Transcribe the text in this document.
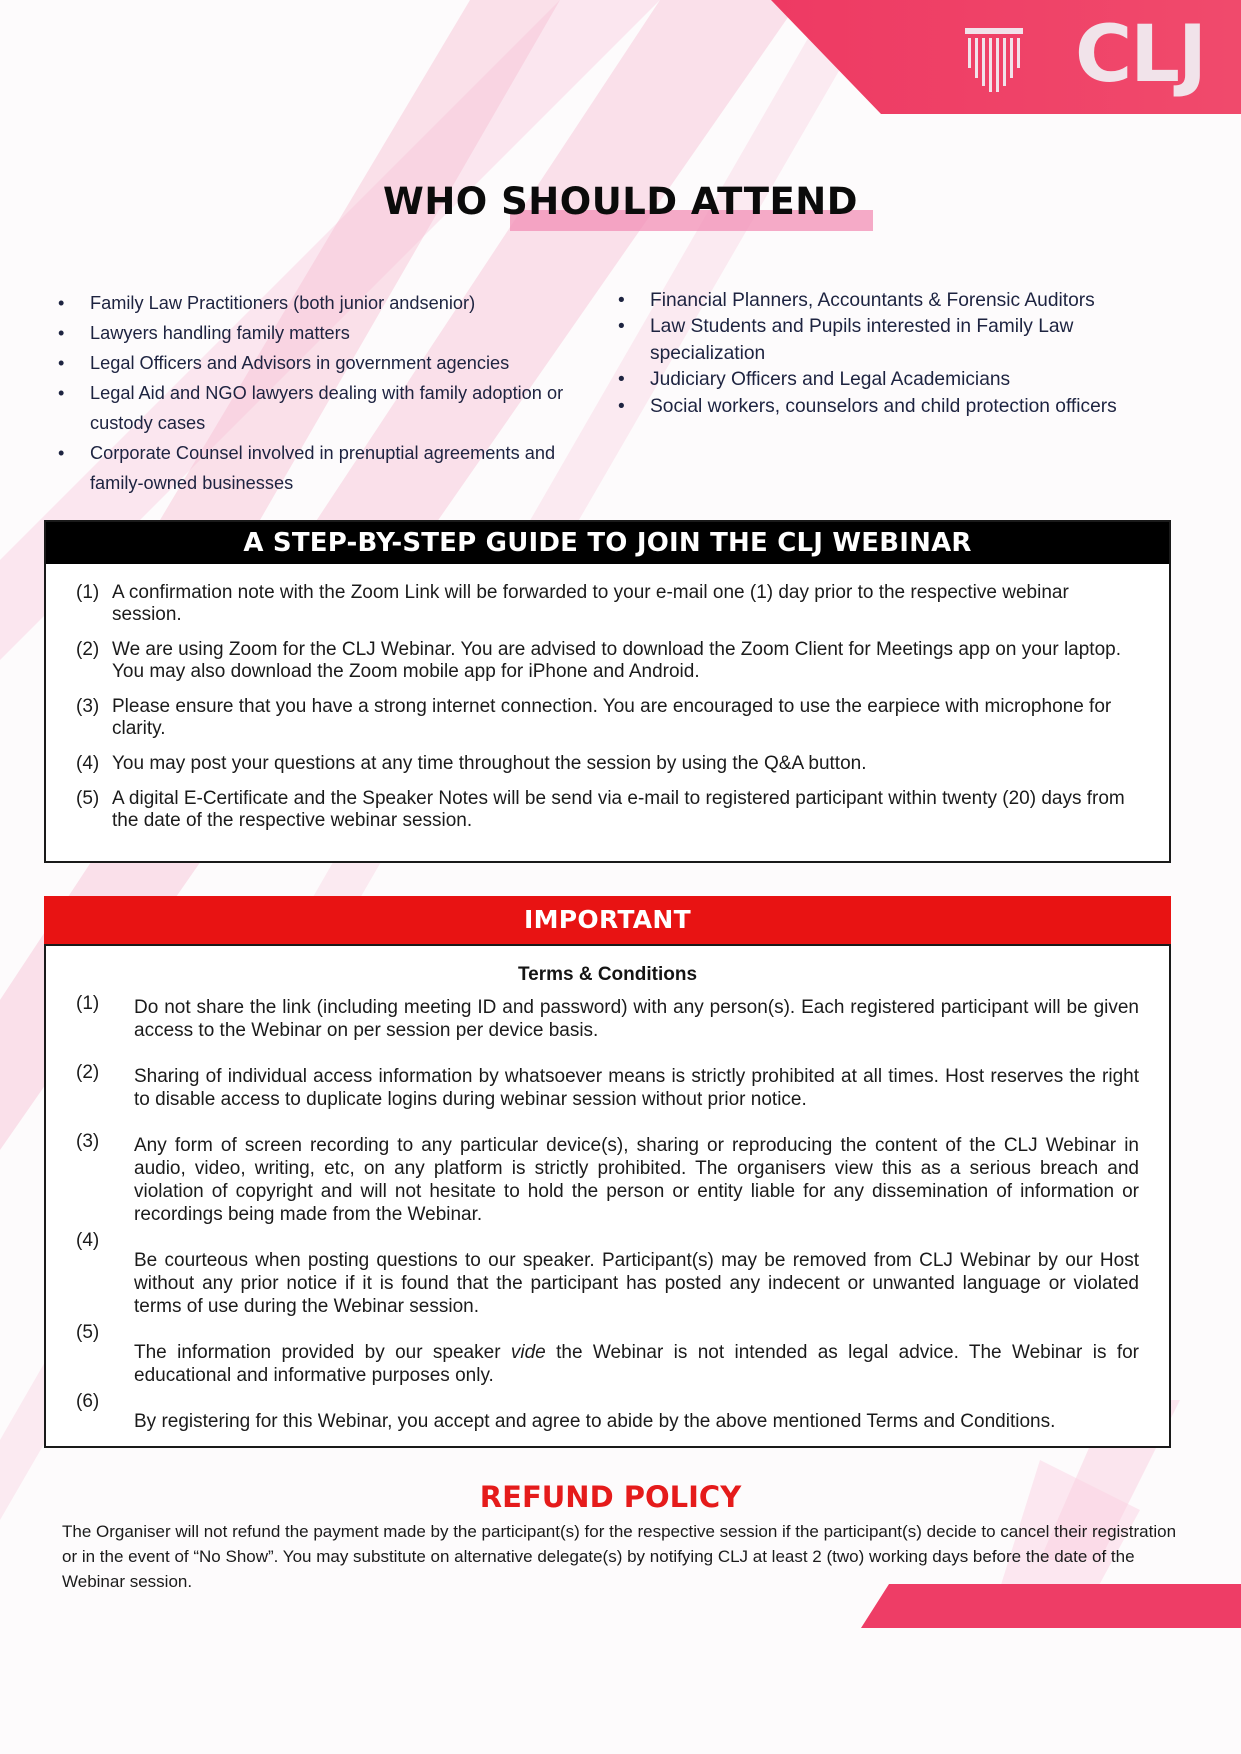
CLJ
WHO SHOULD ATTEND
• Family Law Practitioners (both junior andsenior)
• Lawyers handling family matters
• Legal Officers and Advisors in government agencies
• Legal Aid and NGO lawyers dealing with family adoption or custody cases
• Corporate Counsel involved in prenuptial agreements and family-owned businesses
• Financial Planners, Accountants & Forensic Auditors
• Law Students and Pupils interested in Family Law specialization
• Judiciary Officers and Legal Academicians
• Social workers, counselors and child protection officers
A STEP-BY-STEP GUIDE TO JOIN THE CLJ WEBINAR
(1) A confirmation note with the Zoom Link will be forwarded to your e-mail one (1) day prior to the respective webinar session.
(2) We are using Zoom for the CLJ Webinar. You are advised to download the Zoom Client for Meetings app on your laptop. You may also download the Zoom mobile app for iPhone and Android.
(3) Please ensure that you have a strong internet connection. You are encouraged to use the earpiece with microphone for clarity.
(4) You may post your questions at any time throughout the session by using the Q&A button.
(5) A digital E-Certificate and the Speaker Notes will be send via e-mail to registered participant within twenty (20) days from the date of the respective webinar session.
IMPORTANT
Terms & Conditions
(1) Do not share the link (including meeting ID and password) with any person(s). Each registered participant will be given access to the Webinar on per session per device basis.
(2) Sharing of individual access information by whatsoever means is strictly prohibited at all times. Host reserves the right to disable access to duplicate logins during webinar session without prior notice.
(3) Any form of screen recording to any particular device(s), sharing or reproducing the content of the CLJ Webinar in audio, video, writing, etc, on any platform is strictly prohibited. The organisers view this as a serious breach and violation of copyright and will not hesitate to hold the person or entity liable for any dissemination of information or recordings being made from the Webinar.
(4)
Be courteous when posting questions to our speaker. Participant(s) may be removed from CLJ Webinar by our Host without any prior notice if it is found that the participant has posted any indecent or unwanted language or violated terms of use during the Webinar session.
(5)
The information provided by our speaker vide the Webinar is not intended as legal advice. The Webinar is for educational and informative purposes only.
(6)
By registering for this Webinar, you accept and agree to abide by the above mentioned Terms and Conditions.
REFUND POLICY

The Organiser will not refund the payment made by the participant(s) for the respective session if the participant(s) decide to cancel their registration or in the event of “No Show”. You may substitute on alternative delegate(s) by notifying CLJ at least 2 (two) working days before the date of the Webinar session.
